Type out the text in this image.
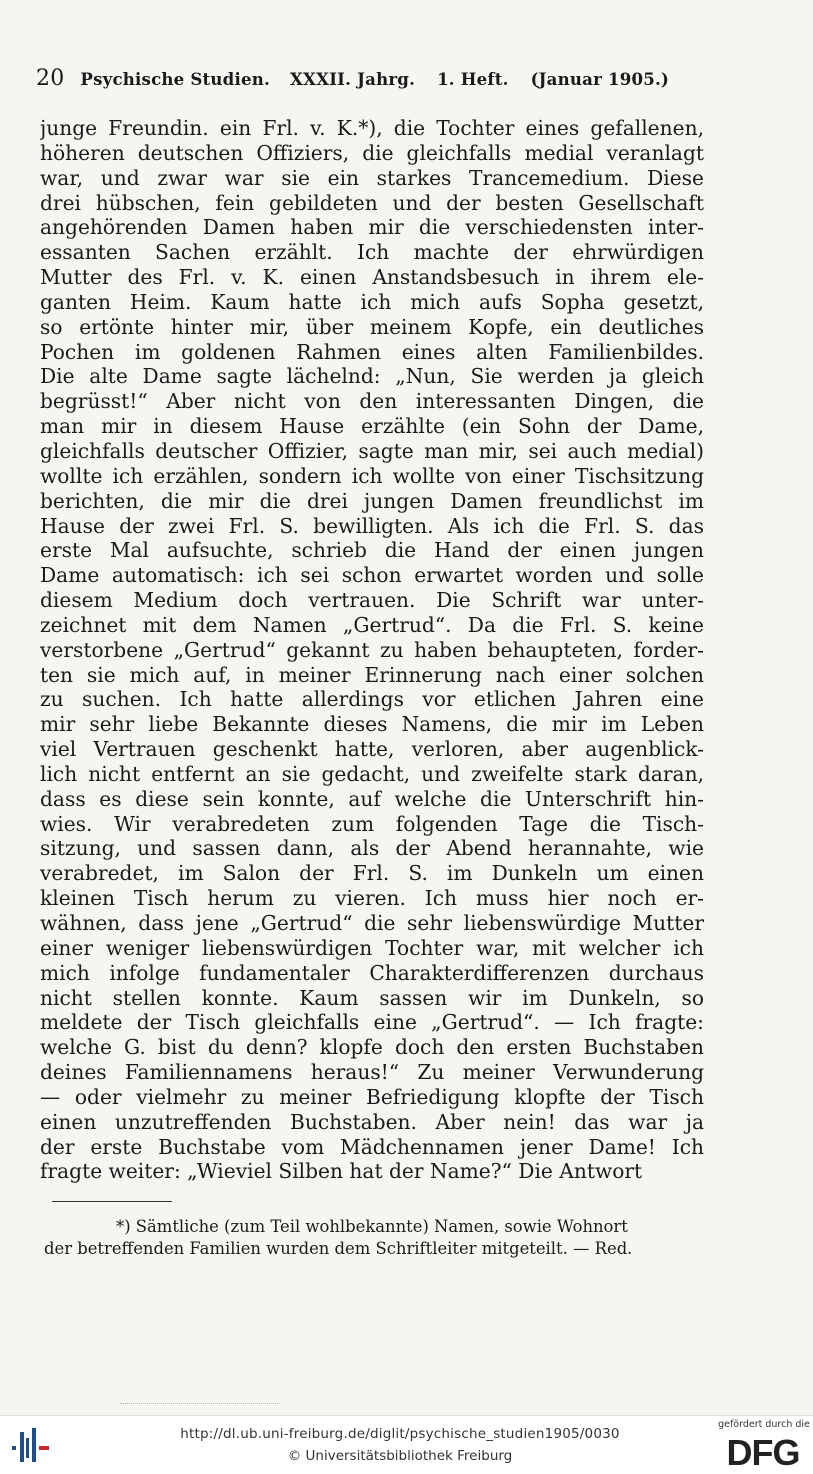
20 Psychische Studien. XXXII. Jahrg. 1. Heft. (Januar 1905.)
junge Freundin. ein Frl. v. K.*), die Tochter eines gefallenen,
höheren deutschen Offiziers, die gleichfalls medial veranlagt
war, und zwar war sie ein starkes Trancemedium. Diese
drei hübschen, fein gebildeten und der besten Gesellschaft
angehörenden Damen haben mir die verschiedensten inter-
essanten Sachen erzählt. Ich machte der ehrwürdigen
Mutter des Frl. v. K. einen Anstandsbesuch in ihrem ele-
ganten Heim. Kaum hatte ich mich aufs Sopha gesetzt,
so ertönte hinter mir, über meinem Kopfe, ein deutliches
Pochen im goldenen Rahmen eines alten Familienbildes.
Die alte Dame sagte lächelnd: „Nun, Sie werden ja gleich
begrüsst!“ Aber nicht von den interessanten Dingen, die
man mir in diesem Hause erzählte (ein Sohn der Dame,
gleichfalls deutscher Offizier, sagte man mir, sei auch medial)
wollte ich erzählen, sondern ich wollte von einer Tischsitzung
berichten, die mir die drei jungen Damen freundlichst im
Hause der zwei Frl. S. bewilligten. Als ich die Frl. S. das
erste Mal aufsuchte, schrieb die Hand der einen jungen
Dame automatisch: ich sei schon erwartet worden und solle
diesem Medium doch vertrauen. Die Schrift war unter-
zeichnet mit dem Namen „Gertrud“. Da die Frl. S. keine
verstorbene „Gertrud“ gekannt zu haben behaupteten, forder-
ten sie mich auf, in meiner Erinnerung nach einer solchen
zu suchen. Ich hatte allerdings vor etlichen Jahren eine
mir sehr liebe Bekannte dieses Namens, die mir im Leben
viel Vertrauen geschenkt hatte, verloren, aber augenblick-
lich nicht entfernt an sie gedacht, und zweifelte stark daran,
dass es diese sein konnte, auf welche die Unterschrift hin-
wies. Wir verabredeten zum folgenden Tage die Tisch-
sitzung, und sassen dann, als der Abend herannahte, wie
verabredet, im Salon der Frl. S. im Dunkeln um einen
kleinen Tisch herum zu vieren. Ich muss hier noch er-
wähnen, dass jene „Gertrud“ die sehr liebenswürdige Mutter
einer weniger liebenswürdigen Tochter war, mit welcher ich
mich infolge fundamentaler Charakterdifferenzen durchaus
nicht stellen konnte. Kaum sassen wir im Dunkeln, so
meldete der Tisch gleichfalls eine „Gertrud“. — Ich fragte:
welche G. bist du denn? klopfe doch den ersten Buchstaben
deines Familiennamens heraus!“ Zu meiner Verwunderung
— oder vielmehr zu meiner Befriedigung klopfte der Tisch
einen unzutreffenden Buchstaben. Aber nein! das war ja
der erste Buchstabe vom Mädchennamen jener Dame! Ich
fragte weiter: „Wieviel Silben hat der Name?“ Die Antwort
*) Sämtliche (zum Teil wohlbekannte) Namen, sowie Wohnort
der betreffenden Familien wurden dem Schriftleiter mitgeteilt. — Red.
http://dl.ub.uni-freiburg.de/diglit/psychische_studien1905/0030
© Universitätsbibliothek Freiburg
gefördert durch die
DFG
